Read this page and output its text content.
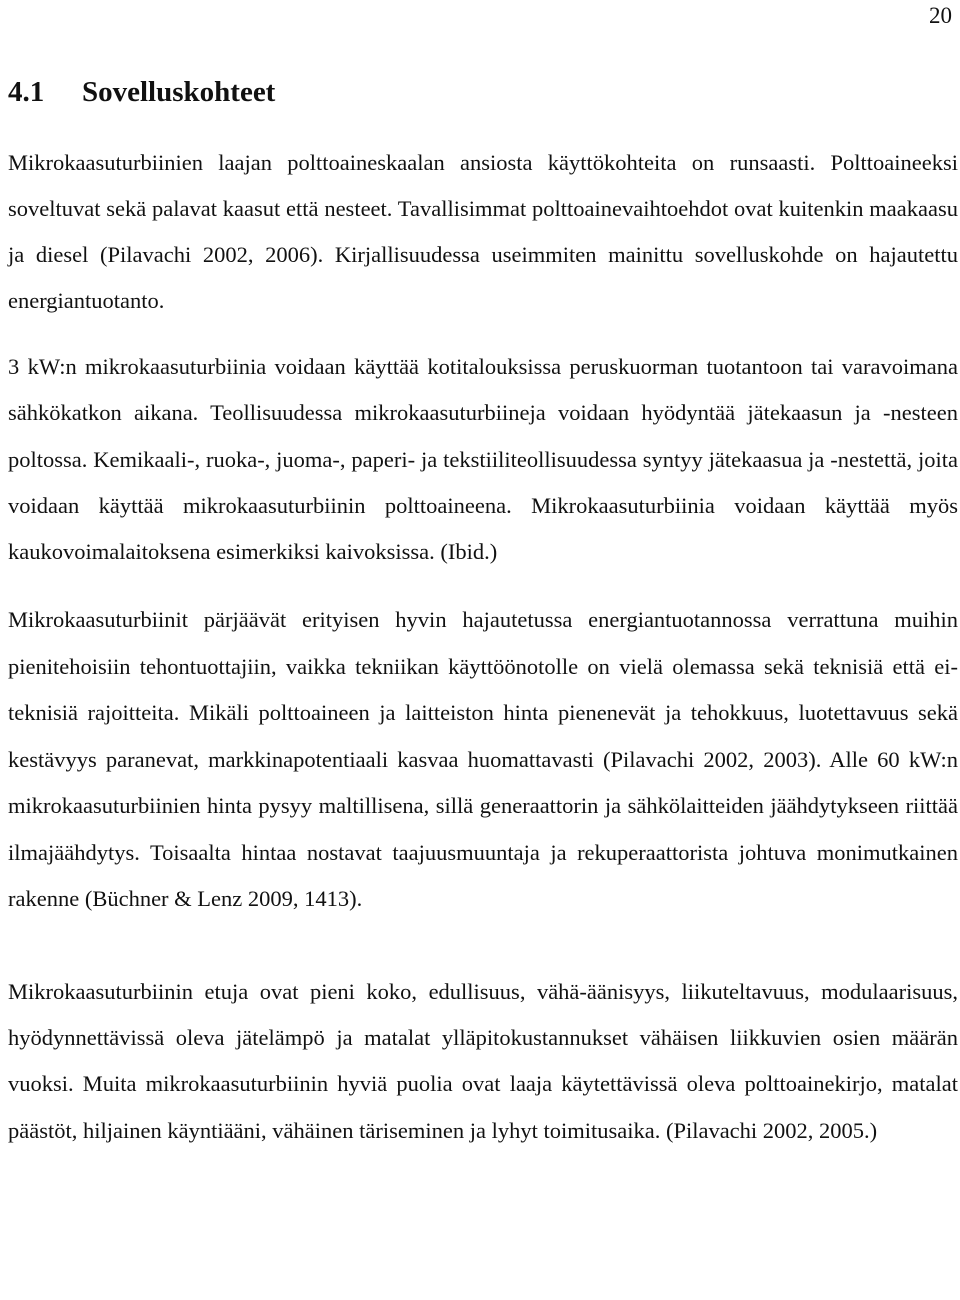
20
4.1 Sovelluskohteet

Mikrokaasuturbiinien laajan polttoaineskaalan ansiosta käyttökohteita on runsaasti. Polttoaineeksi soveltuvat sekä palavat kaasut että nesteet. Tavallisimmat polttoainevaihtoehdot ovat kuitenkin maakaasu ja diesel (Pilavachi 2002, 2006). Kirjallisuudessa useimmiten mainittu sovelluskohde on hajautettu energiantuotanto.

3 kW:n mikrokaasuturbiinia voidaan käyttää kotitalouksissa peruskuorman tuotantoon tai varavoimana sähkökatkon aikana. Teollisuudessa mikrokaasuturbiineja voidaan hyödyntää jätekaasun ja -nesteen poltossa. Kemikaali-, ruoka-, juoma-, paperi- ja tekstiiliteollisuudessa syntyy jätekaasua ja -nestettä, joita voidaan käyttää mikrokaasuturbiinin polttoaineena. Mikrokaasuturbiinia voidaan käyttää myös kaukovoimalaitoksena esimerkiksi kaivoksissa. (Ibid.)

Mikrokaasuturbiinit pärjäävät erityisen hyvin hajautetussa energiantuotannossa verrattuna muihin pienitehoisiin tehontuottajiin, vaikka tekniikan käyttöönotolle on vielä olemassa sekä teknisiä että ei-teknisiä rajoitteita. Mikäli polttoaineen ja laitteiston hinta pienenevät ja tehokkuus, luotettavuus sekä kestävyys paranevat, markkinapotentiaali kasvaa huomattavasti (Pilavachi 2002, 2003). Alle 60 kW:n mikrokaasuturbiinien hinta pysyy maltillisena, sillä generaattorin ja sähkölaitteiden jäähdytykseen riittää ilmajäähdytys. Toisaalta hintaa nostavat taajuusmuuntaja ja rekuperaattorista johtuva monimutkainen rakenne (Büchner & Lenz 2009, 1413).

Mikrokaasuturbiinin etuja ovat pieni koko, edullisuus, vähä-äänisyys, liikuteltavuus, modulaarisuus, hyödynnettävissä oleva jätelämpö ja matalat ylläpitokustannukset vähäisen liikkuvien osien määrän vuoksi. Muita mikrokaasuturbiinin hyviä puolia ovat laaja käytettävissä oleva polttoainekirjo, matalat päästöt, hiljainen käyntiääni, vähäinen täriseminen ja lyhyt toimitusaika. (Pilavachi 2002, 2005.)
